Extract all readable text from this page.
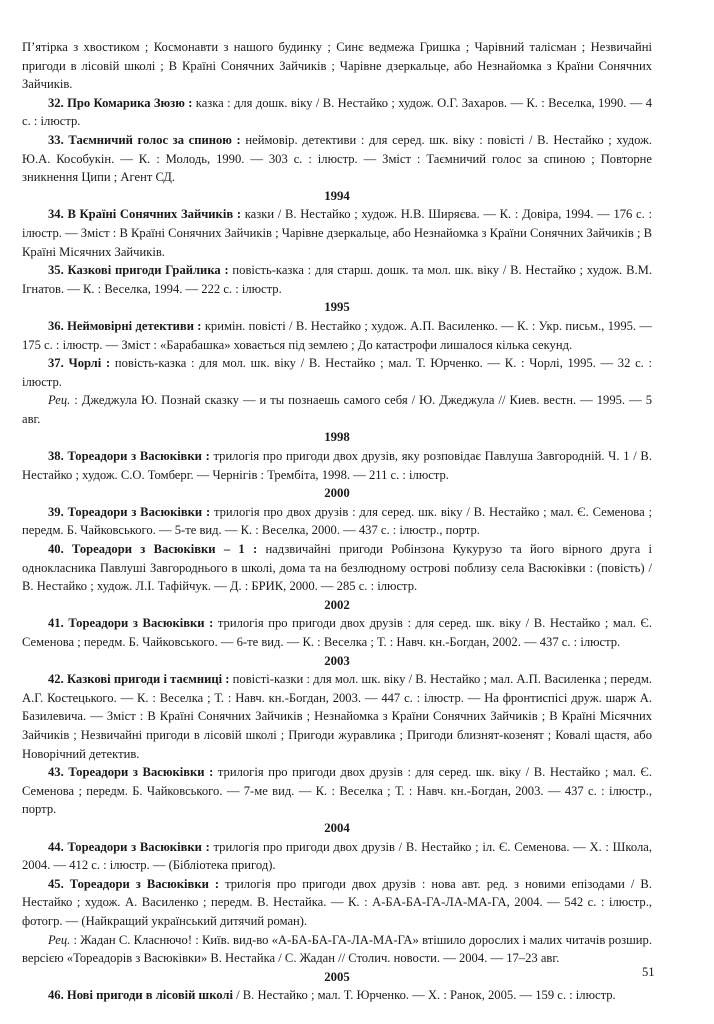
П’ятірка з хвостиком ; Космонавти з нашого будинку ; Синє ведмежа Гришка ; Чарівний талісман ; Незвичайні пригоди в лісовій школі ; В Країні Сонячних Зайчиків ; Чарівне дзеркальце, або Незнайомка з Країни Сонячних Зайчиків.

32. Про Комарика Зюзю : казка : для дошк. віку / В. Нестайко ; худож. О.Г. Захаров. — К. : Веселка, 1990. — 4 с. : ілюстр.

33. Таємничий голос за спиною : неймовір. детективи : для серед. шк. віку : повісті / В. Нестайко ; худож. Ю.А. Кособукін. — К. : Молодь, 1990. — 303 с. : ілюстр. — Зміст : Таємничий голос за спиною ; Повторне зникнення Ципи ; Агент СД.

1994

34. В Країні Сонячних Зайчиків : казки / В. Нестайко ; худож. Н.В. Ширяєва. — К. : Довіра, 1994. — 176 с. : ілюстр. — Зміст : В Країні Сонячних Зайчиків ; Чарівне дзеркальце, або Незнайомка з Країни Сонячних Зайчиків ; В Країні Місячних Зайчиків.

35. Казкові пригоди Грайлика : повість-казка : для старш. дошк. та мол. шк. віку / В. Нестайко ; худож. В.М. Ігнатов. — К. : Веселка, 1994. — 222 с. : ілюстр.

1995

36. Неймовірні детективи : кримін. повісті / В. Нестайко ; худож. А.П. Василенко. — К. : Укр. письм., 1995. — 175 с. : ілюстр. — Зміст : «Барабашка» ховається під землею ; До катастрофи лишалося кілька секунд.

37. Чорлі : повість-казка : для мол. шк. віку / В. Нестайко ; мал. Т. Юрченко. — К. : Чорлі, 1995. — 32 с. : ілюстр.

Рец. : Джеджула Ю. Познай сказку — и ты познаешь самого себя / Ю. Джеджула // Киев. вестн. — 1995. — 5 авг.

1998

38. Тореадори з Васюківки : трилогія про пригоди двох друзів, яку розповідає Павлуша Завгородній. Ч. 1 / В. Нестайко ; худож. С.О. Томберг. — Чернігів : Трембіта, 1998. — 211 с. : ілюстр.

2000

39. Тореадори з Васюківки : трилогія про двох друзів : для серед. шк. віку / В. Нестайко ; мал. Є. Семенова ; передм. Б. Чайковського. — 5-те вид. — К. : Веселка, 2000. — 437 с. : ілюстр., портр.

40. Тореадори з Васюківки – 1 : надзвичайні пригоди Робінзона Кукурузо та його вірного друга і однокласника Павлуші Завгороднього в школі, дома та на безлюдному острові поблизу села Васюківки : (повість) / В. Нестайко ; худож. Л.І. Тафійчук. — Д. : БРИК, 2000. — 285 с. : ілюстр.

2002

41. Тореадори з Васюківки : трилогія про пригоди двох друзів : для серед. шк. віку / В. Нестайко ; мал. Є. Семенова ; передм. Б. Чайковського. — 6-те вид. — К. : Веселка ; Т. : Навч. кн.-Богдан, 2002. — 437 с. : ілюстр.

2003

42. Казкові пригоди і таємниці : повісті-казки : для мол. шк. віку / В. Нестайко ; мал. А.П. Василенка ; передм. А.Г. Костецького. — К. : Веселка ; Т. : Навч. кн.-Богдан, 2003. — 447 с. : ілюстр. — На фронтиспісі друж. шарж А. Базилевича. — Зміст : В Країні Сонячних Зайчиків ; Незнайомка з Країни Сонячних Зайчиків ; В Країні Місячних Зайчиків ; Незвичайні пригоди в лісовій школі ; Пригоди журавлика ; Пригоди близнят-козенят ; Ковалі щастя, або Новорічний детектив.

43. Тореадори з Васюківки : трилогія про пригоди двох друзів : для серед. шк. віку / В. Нестайко ; мал. Є. Семенова ; передм. Б. Чайковського. — 7-ме вид. — К. : Веселка ; Т. : Навч. кн.-Богдан, 2003. — 437 с. : ілюстр., портр.

2004

44. Тореадори з Васюківки : трилогія про пригоди двох друзів / В. Нестайко ; іл. Є. Семенова. — Х. : Школа, 2004. — 412 с. : ілюстр. — (Бібліотека пригод).

45. Тореадори з Васюківки : трилогія про пригоди двох друзів : нова авт. ред. з новими епізодами / В. Нестайко ; худож. А. Василенко ; передм. В. Нестайка. — К. : А-БА-БА-ГА-ЛА-МА-ГА, 2004. — 542 с. : ілюстр., фотогр. — (Найкращий український дитячий роман).

Рец. : Жадан С. Класнючо! : Київ. вид-во «А-БА-БА-ГА-ЛА-МА-ГА» втішило дорослих і малих читачів розшир. версією «Тореадорів з Васюківки» В. Нестайка / С. Жадан // Столич. новости. — 2004. — 17–23 авг.

2005

46. Нові пригоди в лісовій школі / В. Нестайко ; мал. Т. Юрченко. — Х. : Ранок, 2005. — 159 с. : ілюстр.

51
